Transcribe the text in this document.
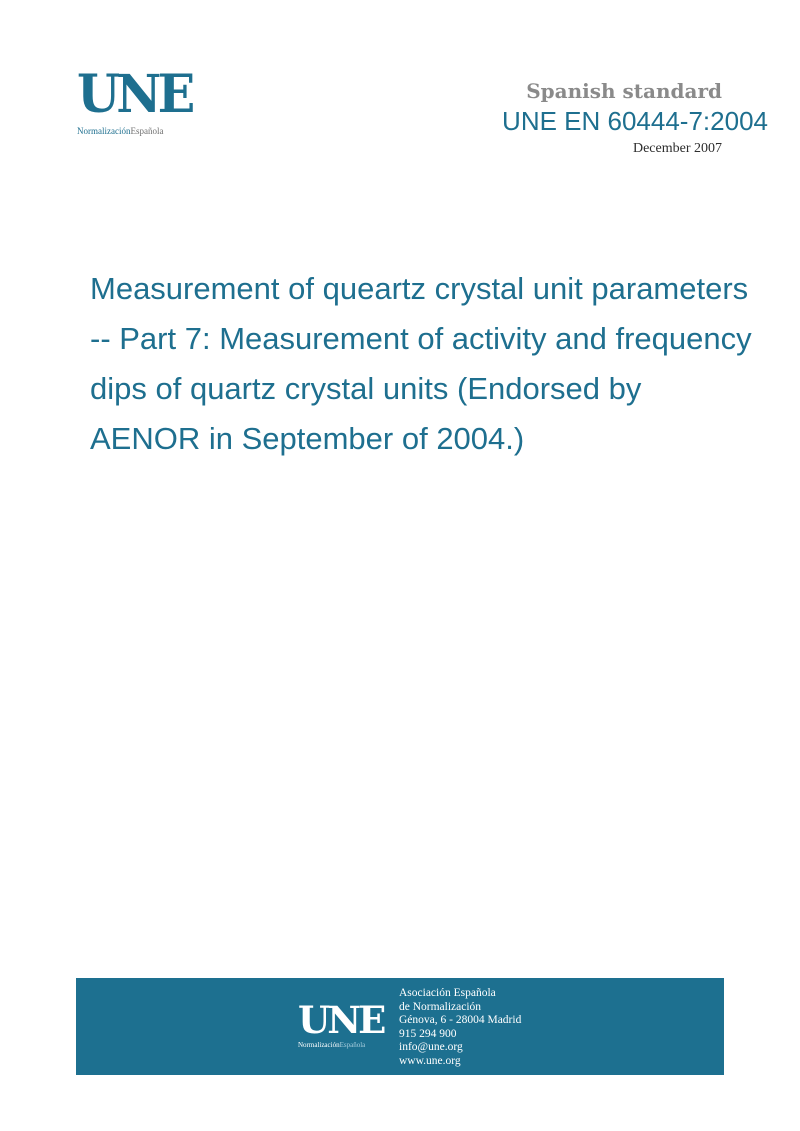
UNE
NormalizaciónEspañola
Spanish standard
UNE EN 60444-7:2004
December 2007
Measurement of queartz crystal unit parameters
-- Part 7: Measurement of activity and frequency
dips of quartz crystal units (Endorsed by
AENOR in September of 2004.)
UNE
NormalizaciónEspañola
Asociación Española
de Normalización
Génova, 6 - 28004 Madrid
915 294 900
info@une.org
www.une.org
